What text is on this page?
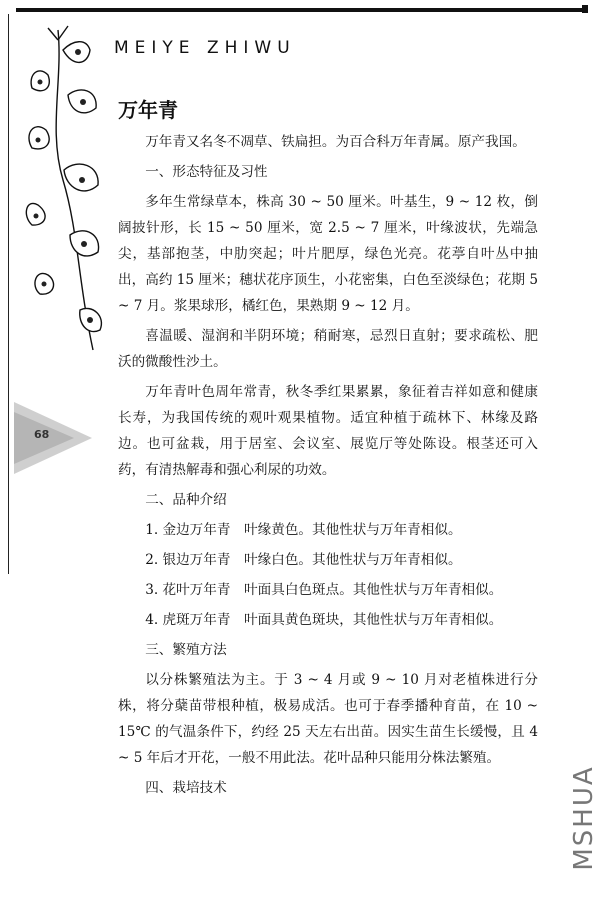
MEIYE ZHIWU
68
万年青

万年青又名冬不凋草、铁扁担。为百合科万年青属。原产我国。

一、形态特征及习性

多年生常绿草本，株高 30 ~ 50 厘米。叶基生，9 ~ 12 枚，倒阔披针形，长 15 ~ 50 厘米，宽 2.5 ~ 7 厘米，叶缘波状，先端急尖，基部抱茎，中肋突起；叶片肥厚，绿色光亮。花葶自叶丛中抽出，高约 15 厘米；穗状花序顶生，小花密集，白色至淡绿色；花期 5 ~ 7 月。浆果球形，橘红色，果熟期 9 ~ 12 月。

喜温暖、湿润和半阴环境；稍耐寒，忌烈日直射；要求疏松、肥沃的微酸性沙土。

万年青叶色周年常青，秋冬季红果累累，象征着吉祥如意和健康长寿，为我国传统的观叶观果植物。适宜种植于疏林下、林缘及路边。也可盆栽，用于居室、会议室、展览厅等处陈设。根茎还可入药，有清热解毒和强心利尿的功效。

二、品种介绍

1. 金边万年青　叶缘黄色。其他性状与万年青相似。

2. 银边万年青　叶缘白色。其他性状与万年青相似。

3. 花叶万年青　叶面具白色斑点。其他性状与万年青相似。

4. 虎斑万年青　叶面具黄色斑块，其他性状与万年青相似。

三、繁殖方法

以分株繁殖法为主。于 3 ~ 4 月或 9 ~ 10 月对老植株进行分株，将分蘖苗带根种植，极易成活。也可于春季播种育苗，在 10 ~ 15℃ 的气温条件下，约经 25 天左右出苗。因实生苗生长缓慢，且 4 ~ 5 年后才开花，一般不用此法。花叶品种只能用分株法繁殖。

四、栽培技术	MSHUA
